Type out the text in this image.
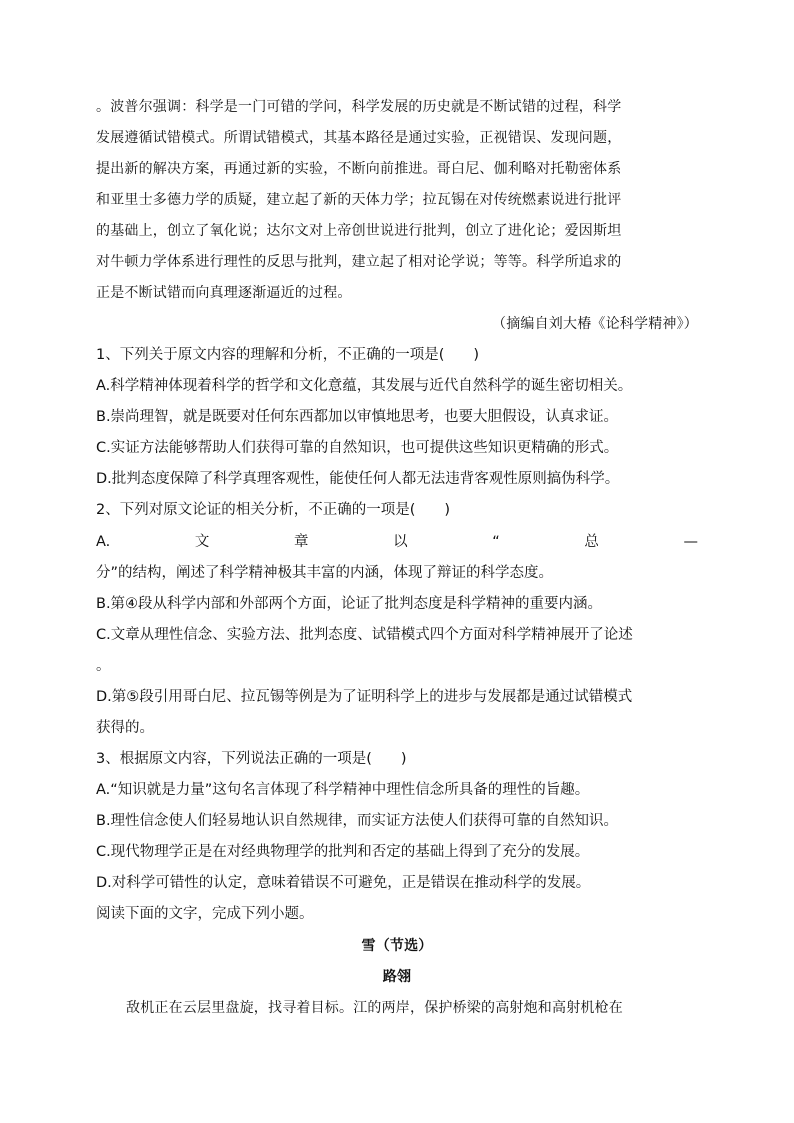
。波普尔强调：科学是一门可错的学问，科学发展的历史就是不断试错的过程，科学
发展遵循试错模式。所谓试错模式，其基本路径是通过实验，正视错误、发现问题，
提出新的解决方案，再通过新的实验，不断向前推进。哥白尼、伽利略对托勒密体系
和亚里士多德力学的质疑，建立起了新的天体力学；拉瓦锡在对传统燃素说进行批评
的基础上，创立了氧化说；达尔文对上帝创世说进行批判，创立了进化论；爱因斯坦
对牛顿力学体系进行理性的反思与批判，建立起了相对论学说；等等。科学所追求的
正是不断试错而向真理逐渐逼近的过程。
（摘编自刘大椿《论科学精神》）
1、下列关于原文内容的理解和分析，不正确的一项是(　　)
A.科学精神体现着科学的哲学和文化意蕴，其发展与近代自然科学的诞生密切相关。
B.崇尚理智，就是既要对任何东西都加以审慎地思考，也要大胆假设，认真求证。
C.实证方法能够帮助人们获得可靠的自然知识，也可提供这些知识更精确的形式。
D.批判态度保障了科学真理客观性，能使任何人都无法违背客观性原则搞伪科学。
2、下列对原文论证的相关分析，不正确的一项是(　　)
A.	文	章	以	“	总	—
分”的结构，阐述了科学精神极其丰富的内涵，体现了辩证的科学态度。
B.第④段从科学内部和外部两个方面，论证了批判态度是科学精神的重要内涵。
C.文章从理性信念、实验方法、批判态度、试错模式四个方面对科学精神展开了论述
。
D.第⑤段引用哥白尼、拉瓦锡等例是为了证明科学上的进步与发展都是通过试错模式
获得的。
3、根据原文内容，下列说法正确的一项是(　　)
A.“知识就是力量”这句名言体现了科学精神中理性信念所具备的理性的旨趣。
B.理性信念使人们轻易地认识自然规律，而实证方法使人们获得可靠的自然知识。
C.现代物理学正是在对经典物理学的批判和否定的基础上得到了充分的发展。
D.对科学可错性的认定，意味着错误不可避免，正是错误在推动科学的发展。
阅读下面的文字，完成下列小题。
雪（节选）
路翎
敌机正在云层里盘旋，找寻着目标。江的两岸，保护桥梁的高射炮和高射机枪在
